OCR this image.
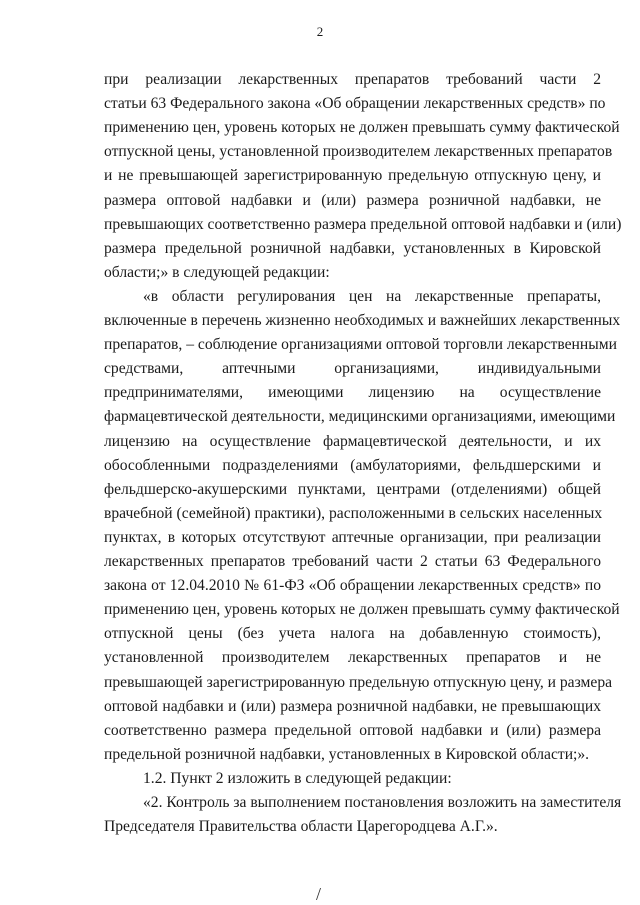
2
при реализации лекарственных препаратов требований части 2
статьи 63 Федерального закона «Об обращении лекарственных средств» по
применению цен, уровень которых не должен превышать сумму фактической
отпускной цены, установленной производителем лекарственных препаратов
и не превышающей зарегистрированную предельную отпускную цену, и
размера оптовой надбавки и (или) размера розничной надбавки, не
превышающих соответственно размера предельной оптовой надбавки и (или)
размера предельной розничной надбавки, установленных в Кировской
области;» в следующей редакции:
«в области регулирования цен на лекарственные препараты,
включенные в перечень жизненно необходимых и важнейших лекарственных
препаратов, – соблюдение организациями оптовой торговли лекарственными
средствами, аптечными организациями, индивидуальными
предпринимателями, имеющими лицензию на осуществление
фармацевтической деятельности, медицинскими организациями, имеющими
лицензию на осуществление фармацевтической деятельности, и их
обособленными подразделениями (амбулаториями, фельдшерскими и
фельдшерско-акушерскими пунктами, центрами (отделениями) общей
врачебной (семейной) практики), расположенными в сельских населенных
пунктах, в которых отсутствуют аптечные организации, при реализации
лекарственных препаратов требований части 2 статьи 63 Федерального
закона от 12.04.2010 № 61-ФЗ «Об обращении лекарственных средств» по
применению цен, уровень которых не должен превышать сумму фактической
отпускной цены (без учета налога на добавленную стоимость),
установленной производителем лекарственных препаратов и не
превышающей зарегистрированную предельную отпускную цену, и размера
оптовой надбавки и (или) размера розничной надбавки, не превышающих
соответственно размера предельной оптовой надбавки и (или) размера
предельной розничной надбавки, установленных в Кировской области;».
1.2. Пункт 2 изложить в следующей редакции:
«2. Контроль за выполнением постановления возложить на заместителя
Председателя Правительства области Царегородцева А.Г.».
/
